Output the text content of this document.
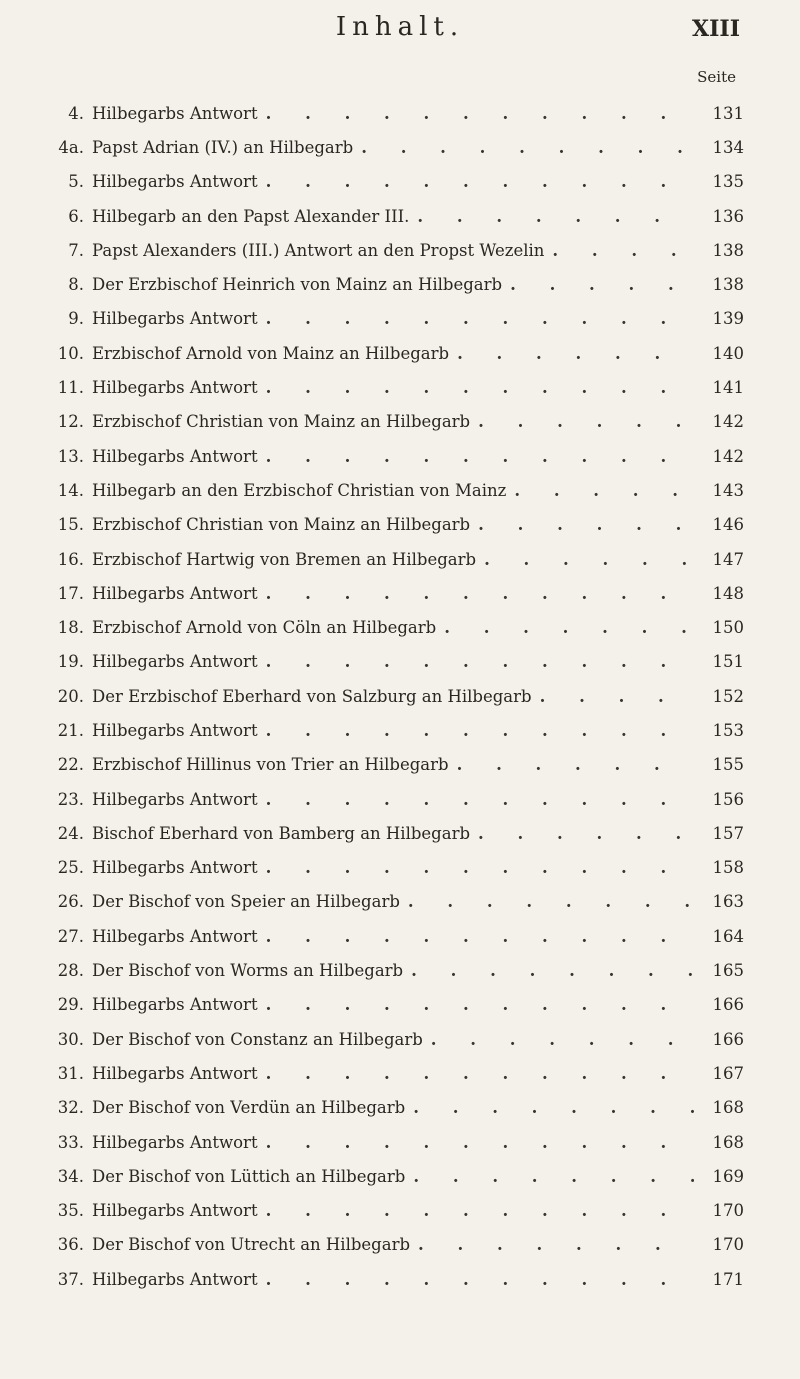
Inhalt.	XIII
Seite
4. Hilbegarbs Antwort . . .	131
4a. Papst Adrian (IV.) an Hilbegarb . . .	134
5. Hilbegarbs Antwort . . .	135
6. Hilbegarb an den Papst Alexander III. . . .	136
7. Papst Alexanders (III.) Antwort an den Propst Wezelin . . .	138
8. Der Erzbischof Heinrich von Mainz an Hilbegarb . . .	138
9. Hilbegarbs Antwort . . .	139
10. Erzbischof Arnold von Mainz an Hilbegarb . . .	140
11. Hilbegarbs Antwort . . .	141
12. Erzbischof Christian von Mainz an Hilbegarb . . .	142
13. Hilbegarbs Antwort . . .	142
14. Hilbegarb an den Erzbischof Christian von Mainz . . .	143
15. Erzbischof Christian von Mainz an Hilbegarb . . .	146
16. Erzbischof Hartwig von Bremen an Hilbegarb . . .	147
17. Hilbegarbs Antwort . . .	148
18. Erzbischof Arnold von Cöln an Hilbegarb . . .	150
19. Hilbegarbs Antwort . . .	151
20. Der Erzbischof Eberhard von Salzburg an Hilbegarb . . .	152
21. Hilbegarbs Antwort . . .	153
22. Erzbischof Hillinus von Trier an Hilbegarb . . .	155
23. Hilbegarbs Antwort . . .	156
24. Bischof Eberhard von Bamberg an Hilbegarb . . .	157
25. Hilbegarbs Antwort . . .	158
26. Der Bischof von Speier an Hilbegarb . . .	163
27. Hilbegarbs Antwort . . .	164
28. Der Bischof von Worms an Hilbegarb . . .	165
29. Hilbegarbs Antwort . . .	166
30. Der Bischof von Constanz an Hilbegarb . . .	166
31. Hilbegarbs Antwort . . .	167
32. Der Bischof von Verdün an Hilbegarb . . .	168
33. Hilbegarbs Antwort . . .	168
34. Der Bischof von Lüttich an Hilbegarb . . .	169
35. Hilbegarbs Antwort . . .	170
36. Der Bischof von Utrecht an Hilbegarb . . .	170
37. Hilbegarbs Antwort . . .	171
